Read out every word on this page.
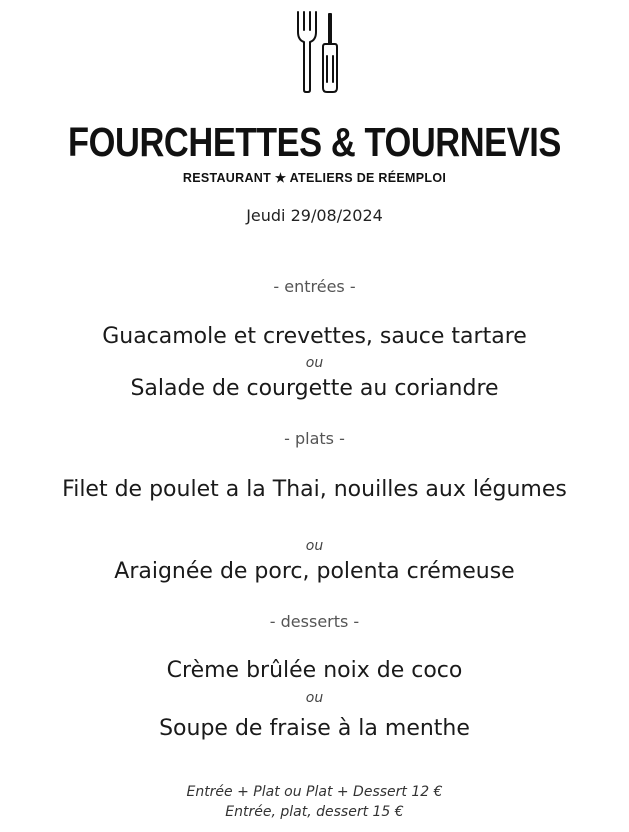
FOURCHETTES & TOURNEVIS
RESTAURANT ★ ATELIERS DE RÉEMPLOI
Jeudi 29/08/2024
- entrées -
Guacamole et crevettes, sauce tartare
ou
Salade de courgette au coriandre
- plats -
Filet de poulet a la Thai, nouilles aux légumes
ou
Araignée de porc, polenta crémeuse
- desserts -
Crème brûlée noix de coco
ou
Soupe de fraise à la menthe
Entrée + Plat ou Plat + Dessert 12 €
Entrée, plat, dessert 15 €
